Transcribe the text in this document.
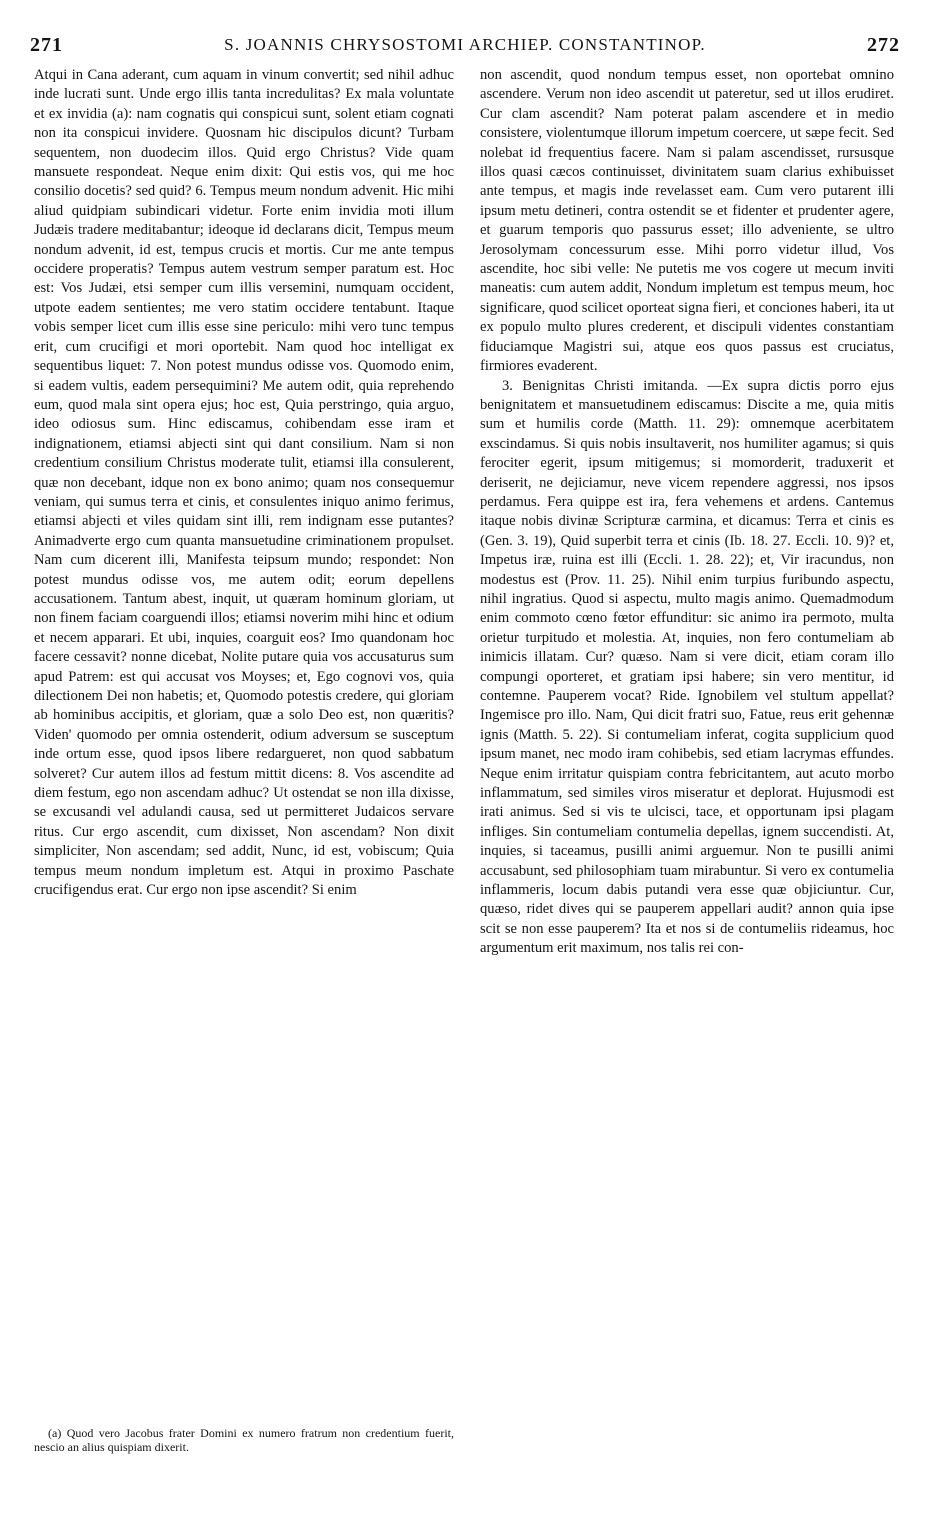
271	S. JOANNIS CHRYSOSTOMI ARCHIEP. CONSTANTINOP.	272

Atqui in Cana aderant, cum aquam in vinum convertit; sed nihil adhuc inde lucrati sunt. Unde ergo illis tanta incredulitas? Ex mala voluntate et ex invidia (a): nam cognatis qui conspicui sunt, solent etiam cognati non ita conspicui invidere. Quosnam hic discipulos dicunt? Turbam sequentem, non duodecim illos. Quid ergo Christus? Vide quam mansuete respondeat. Neque enim dixit: Qui estis vos, qui me hoc consilio docetis? sed quid? 6. Tempus meum nondum advenit. Hic mihi aliud quidpiam subindicari videtur. Forte enim invidia moti illum Judæis tradere meditabantur; ideoque id declarans dicit, Tempus meum nondum advenit, id est, tempus crucis et mortis. Cur me ante tempus occidere properatis? Tempus autem vestrum semper paratum est. Hoc est: Vos Judæi, etsi semper cum illis versemini, numquam occident, utpote eadem sentientes; me vero statim occidere tentabunt. Itaque vobis semper licet cum illis esse sine periculo: mihi vero tunc tempus erit, cum crucifigi et mori oportebit. Nam quod hoc intelligat ex sequentibus liquet: 7. Non potest mundus odisse vos. Quomodo enim, si eadem vultis, eadem persequimini? Me autem odit, quia reprehendo eum, quod mala sint opera ejus; hoc est, Quia perstringo, quia arguo, ideo odiosus sum. Hinc ediscamus, cohibendam esse iram et indignationem, etiamsi abjecti sint qui dant consilium. Nam si non credentium consilium Christus moderate tulit, etiamsi illa consulerent, quæ non decebant, idque non ex bono animo; quam nos consequemur veniam, qui sumus terra et cinis, et consulentes iniquo animo ferimus, etiamsi abjecti et viles quidam sint illi, rem indignam esse putantes? Animadverte ergo cum quanta mansuetudine criminationem propulset. Nam cum dicerent illi, Manifesta teipsum mundo; respondet: Non potest mundus odisse vos, me autem odit; eorum depellens accusationem. Tantum abest, inquit, ut quæram hominum gloriam, ut non finem faciam coarguendi illos; etiamsi noverim mihi hinc et odium et necem apparari. Et ubi, inquies, coarguit eos? Imo quandonam hoc facere cessavit? nonne dicebat, Nolite putare quia vos accusaturus sum apud Patrem: est qui accusat vos Moyses; et, Ego cognovi vos, quia dilectionem Dei non habetis; et, Quomodo potestis credere, qui gloriam ab hominibus accipitis, et gloriam, quæ a solo Deo est, non quæritis? Viden' quomodo per omnia ostenderit, odium adversum se susceptum inde ortum esse, quod ipsos libere redargueret, non quod sabbatum solveret? Cur autem illos ad festum mittit dicens: 8. Vos ascendite ad diem festum, ego non ascendam adhuc? Ut ostendat se non illa dixisse, se excusandi vel adulandi causa, sed ut permitteret Judaicos servare ritus. Cur ergo ascendit, cum dixisset, Non ascendam? Non dixit simpliciter, Non ascendam; sed addit, Nunc, id est, vobiscum; Quia tempus meum nondum impletum est. Atqui in proximo Paschate crucifigendus erat. Cur ergo non ipse ascendit? Si enim

non ascendit, quod nondum tempus esset, non oportebat omnino ascendere. Verum non ideo ascendit ut pateretur, sed ut illos erudiret. Cur clam ascendit? Nam poterat palam ascendere et in medio consistere, violentumque illorum impetum coercere, ut sæpe fecit. Sed nolebat id frequentius facere. Nam si palam ascendisset, rursusque illos quasi cæcos continuisset, divinitatem suam clarius exhibuisset ante tempus, et magis inde revelasset eam. Cum vero putarent illi ipsum metu detineri, contra ostendit se et fidenter et prudenter agere, et guarum temporis quo passurus esset; illo adveniente, se ultro Jerosolymam concessurum esse. Mihi porro videtur illud, Vos ascendite, hoc sibi velle: Ne putetis me vos cogere ut mecum inviti maneatis: cum autem addit, Nondum impletum est tempus meum, hoc significare, quod scilicet oporteat signa fieri, et conciones haberi, ita ut ex populo multo plures crederent, et discipuli videntes constantiam fiduciamque Magistri sui, atque eos quos passus est cruciatus, firmiores evaderent.

3. Benignitas Christi imitanda. —Ex supra dictis porro ejus benignitatem et mansuetudinem ediscamus: Discite a me, quia mitis sum et humilis corde (Matth. 11. 29): omnemque acerbitatem exscindamus. Si quis nobis insultaverit, nos humiliter agamus; si quis ferociter egerit, ipsum mitigemus; si momorderit, traduxerit et deriserit, ne dejiciamur, neve vicem rependere aggressi, nos ipsos perdamus. Fera quippe est ira, fera vehemens et ardens. Cantemus itaque nobis divinæ Scripturæ carmina, et dicamus: Terra et cinis es (Gen. 3. 19), Quid superbit terra et cinis (Ib. 18. 27. Eccli. 10. 9)? et, Impetus iræ, ruina est illi (Eccli. 1. 28. 22); et, Vir iracundus, non modestus est (Prov. 11. 25). Nihil enim turpius furibundo aspectu, nihil ingratius. Quod si aspectu, multo magis animo. Quemadmodum enim commoto cœno fœtor effunditur: sic animo ira permoto, multa orietur turpitudo et molestia. At, inquies, non fero contumeliam ab inimicis illatam. Cur? quæso. Nam si vere dicit, etiam coram illo compungi oporteret, et gratiam ipsi habere; sin vero mentitur, id contemne. Pauperem vocat? Ride. Ignobilem vel stultum appellat? Ingemisce pro illo. Nam, Qui dicit fratri suo, Fatue, reus erit gehennæ ignis (Matth. 5. 22). Si contumeliam inferat, cogita supplicium quod ipsum manet, nec modo iram cohibebis, sed etiam lacrymas effundes. Neque enim irritatur quispiam contra febricitantem, aut acuto morbo inflammatum, sed similes viros miseratur et deplorat. Hujusmodi est irati animus. Sed si vis te ulcisci, tace, et opportunam ipsi plagam infliges. Sin contumeliam contumelia depellas, ignem succendisti. At, inquies, si taceamus, pusilli animi arguemur. Non te pusilli animi accusabunt, sed philosophiam tuam mirabuntur. Si vero ex contumelia inflammeris, locum dabis putandi vera esse quæ objiciuntur. Cur, quæso, ridet dives qui se pauperem appellari audit? annon quia ipse scit se non esse pauperem? Ita et nos si de contumeliis rideamus, hoc argumentum erit maximum, nos talis rei con-

(a) Quod vero Jacobus frater Domini ex numero fratrum non credentium fuerit, nescio an alius quispiam dixerit.
